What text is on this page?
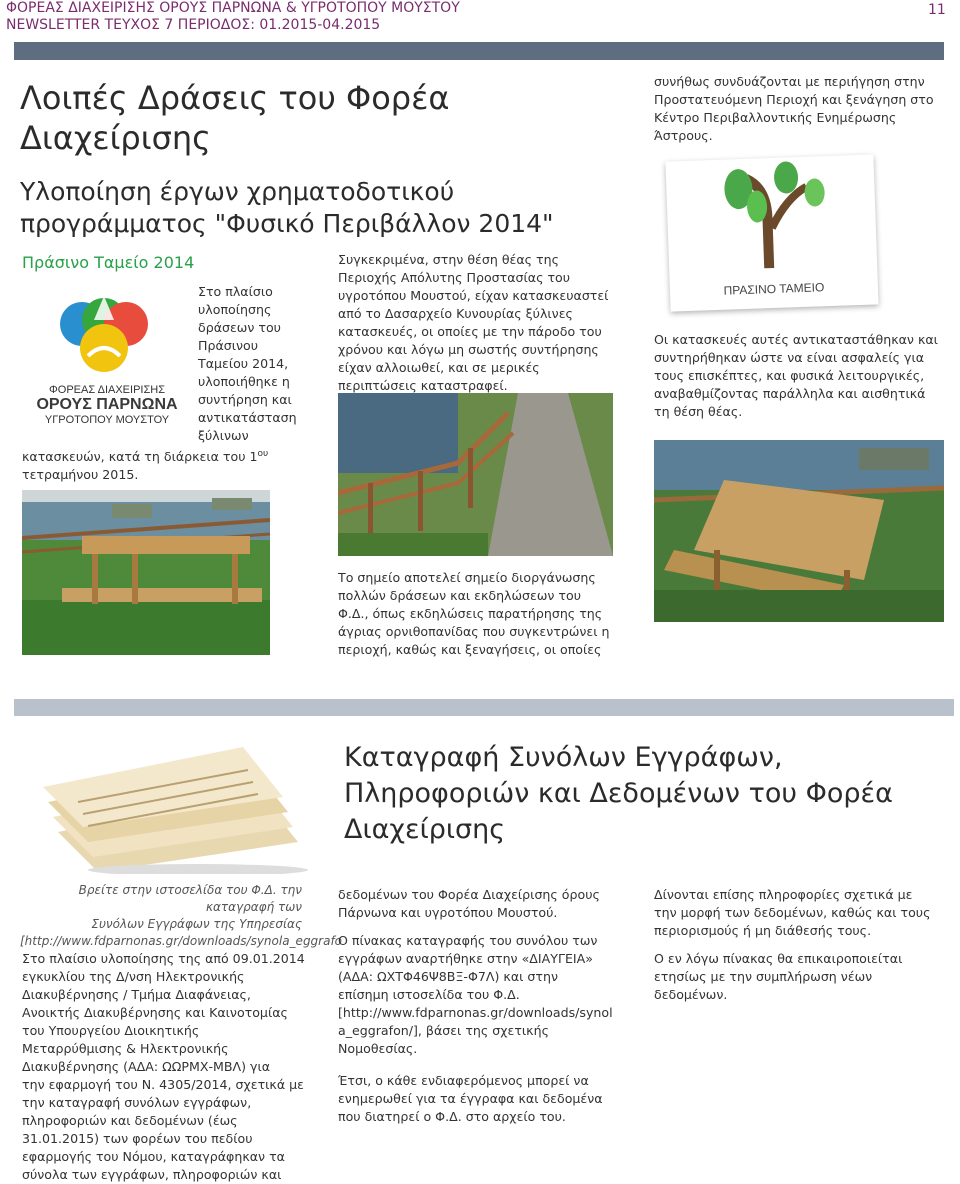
ΦΟΡΕΑΣ ΔΙΑΧΕΙΡΙΣΗΣ ΟΡΟΥΣ ΠΑΡΝΩΝΑ & ΥΓΡΟΤΟΠΟΥ ΜΟΥΣΤΟΥ
NEWSLETTER ΤΕΥΧΟΣ 7 ΠΕΡΙΟΔΟΣ: 01.2015-04.2015
11
Λοιπές Δράσεις του Φορέα
Διαχείρισης
Υλοποίηση έργων χρηματοδοτικού
προγράμματος "Φυσικό Περιβάλλον 2014"
Πράσινο Ταμείο 2014
ΦΟΡΕΑΣ ΔΙΑΧΕΙΡΙΣΗΣ
ΟΡΟΥΣ ΠΑΡΝΩΝΑ
ΥΓΡΟΤΟΠΟΥ ΜΟΥΣΤΟΥ
Στο πλαίσιο
υλοποίησης
δράσεων του
Πράσινου
Ταμείου 2014,
υλοποιήθηκε η
συντήρηση και
αντικατάσταση
ξύλινων
κατασκευών, κατά τη διάρκεια του $1^{o\upsilon}$
τετραμήνου 2015.
Συγκεκριμένα, στην θέση θέας της
Περιοχής Απόλυτης Προστασίας του
υγροτόπου Μουστού, είχαν κατασκευαστεί
από το Δασαρχείο Κυνουρίας ξύλινες
κατασκευές, οι οποίες με την πάροδο του
χρόνου και λόγω μη σωστής συντήρησης
είχαν αλλοιωθεί, και σε μερικές
περιπτώσεις καταστραφεί.
Το σημείο αποτελεί σημείο διοργάνωσης
πολλών δράσεων και εκδηλώσεων του
Φ.Δ., όπως εκδηλώσεις παρατήρησης της
άγριας ορνιθοπανίδας που συγκεντρώνει η
περιοχή, καθώς και ξεναγήσεις, οι οποίες
συνήθως συνδυάζονται με περιήγηση στην
Προστατευόμενη Περιοχή και ξενάγηση στο
Κέντρο Περιβαλλοντικής Ενημέρωσης
Άστρους.
ΠΡΑΣΙΝΟ ΤΑΜΕΙΟ
Οι κατασκευές αυτές αντικαταστάθηκαν και
συντηρήθηκαν ώστε να είναι ασφαλείς για
τους επισκέπτες, και φυσικά λειτουργικές,
αναβαθμίζοντας παράλληλα και αισθητικά
τη θέση θέας.
Καταγραφή Συνόλων Εγγράφων,
Πληροφοριών και Δεδομένων του Φορέα
Διαχείρισης
Βρείτε στην ιστοσελίδα του Φ.Δ. την καταγραφή των
Συνόλων Εγγράφων της Υπηρεσίας
[http://www.fdparnonas.gr/downloads/synola_eggrafo
Στο πλαίσιο υλοποίησης της από 09.01.2014
εγκυκλίου της Δ/νση Ηλεκτρονικής
Διακυβέρνησης / Τμήμα Διαφάνειας,
Ανοικτής Διακυβέρνησης και Καινοτομίας
του Υπουργείου Διοικητικής
Μεταρρύθμισης & Ηλεκτρονικής
Διακυβέρνησης (ΑΔΑ: ΩΩΡΜΧ-ΜΒΛ) για
την εφαρμογή του Ν. 4305/2014, σχετικά με
την καταγραφή συνόλων εγγράφων,
πληροφοριών και δεδομένων (έως
31.01.2015) των φορέων του πεδίου
εφαρμογής του Νόμου, καταγράφηκαν τα
σύνολα των εγγράφων, πληροφοριών και
δεδομένων του Φορέα Διαχείρισης όρους
Πάρνωνα και υγροτόπου Μουστού.
Ο πίνακας καταγραφής του συνόλου των
εγγράφων αναρτήθηκε στην «ΔΙΑΥΓΕΙΑ»
(ΑΔΑ: ΩΧΤΦ46Ψ8ΒΞ-Φ7Λ) και στην
επίσημη ιστοσελίδα του Φ.Δ.
[http://www.fdparnonas.gr/downloads/synol
a_eggrafon/], βάσει της σχετικής
Νομοθεσίας.
Έτσι, ο κάθε ενδιαφερόμενος μπορεί να
ενημερωθεί για τα έγγραφα και δεδομένα
που διατηρεί ο Φ.Δ. στο αρχείο του.
Δίνονται επίσης πληροφορίες σχετικά με
την μορφή των δεδομένων, καθώς και τους
περιορισμούς ή μη διάθεσής τους.
Ο εν λόγω πίνακας θα επικαιροποιείται
ετησίως με την συμπλήρωση νέων
δεδομένων.
